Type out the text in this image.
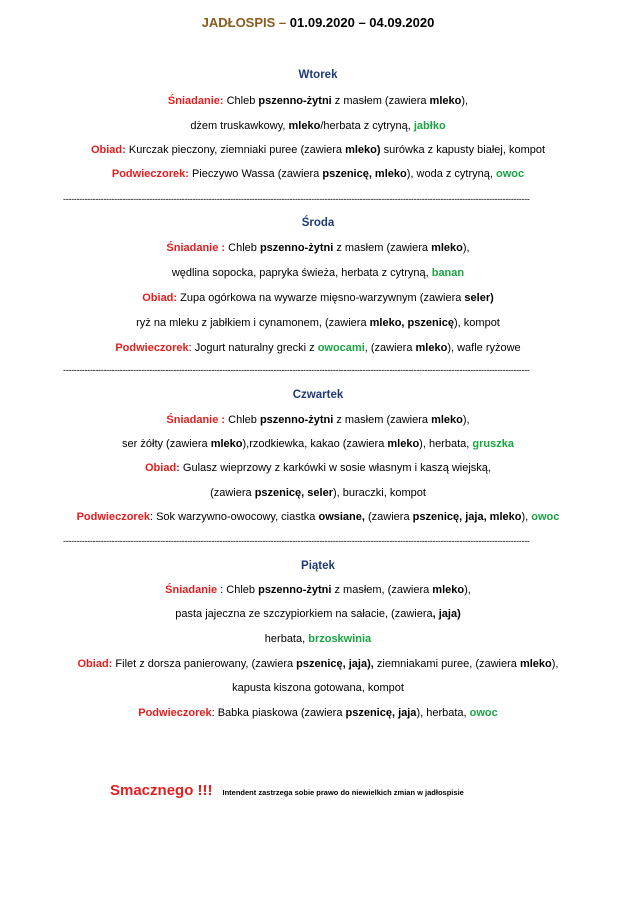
JADŁOSPIS – 01.09.2020 – 04.09.2020
Wtorek
Śniadanie: Chleb pszenno-żytni z masłem (zawiera mleko),
dżem truskawkowy, mleko/herbata z cytryną, jabłko
Obiad: Kurczak pieczony, ziemniaki puree (zawiera mleko) surówka z kapusty białej, kompot
Podwieczorek: Pieczywo Wassa (zawiera pszenicę, mleko), woda z cytryną, owoc
-----------------------------------------------------------------------------------------------------------------------------------------------------------------------------
Środa
Śniadanie : Chleb pszenno-żytni z masłem (zawiera mleko),
wędlina sopocka, papryka świeża, herbata z cytryną, banan
Obiad: Zupa ogórkowa na wywarze mięsno-warzywnym (zawiera seler)
ryż na mleku z jabłkiem i cynamonem, (zawiera mleko, pszenicę), kompot
Podwieczorek: Jogurt naturalny grecki z owocami, (zawiera mleko), wafle ryżowe
-----------------------------------------------------------------------------------------------------------------------------------------------------------------------------
Czwartek
Śniadanie : Chleb pszenno-żytni z masłem (zawiera mleko),
ser żółty (zawiera mleko),rzodkiewka, kakao (zawiera mleko), herbata, gruszka
Obiad: Gulasz wieprzowy z karkówki w sosie własnym i kaszą wiejską,
(zawiera pszenicę, seler), buraczki, kompot
Podwieczorek: Sok warzywno-owocowy, ciastka owsiane, (zawiera pszenicę, jaja, mleko), owoc
-----------------------------------------------------------------------------------------------------------------------------------------------------------------------------
Piątek
Śniadanie : Chleb pszenno-żytni z masłem, (zawiera mleko),
pasta jajeczna ze szczypiorkiem na sałacie, (zawiera, jaja)
herbata, brzoskwinia
Obiad: Filet z dorsza panierowany, (zawiera pszenicę, jaja), ziemniakami puree, (zawiera mleko),
kapusta kiszona gotowana, kompot
Podwieczorek: Babka piaskowa (zawiera pszenicę, jaja), herbata, owoc
Smacznego !!! Intendent zastrzega sobie prawo do niewielkich zmian w jadłospisie
